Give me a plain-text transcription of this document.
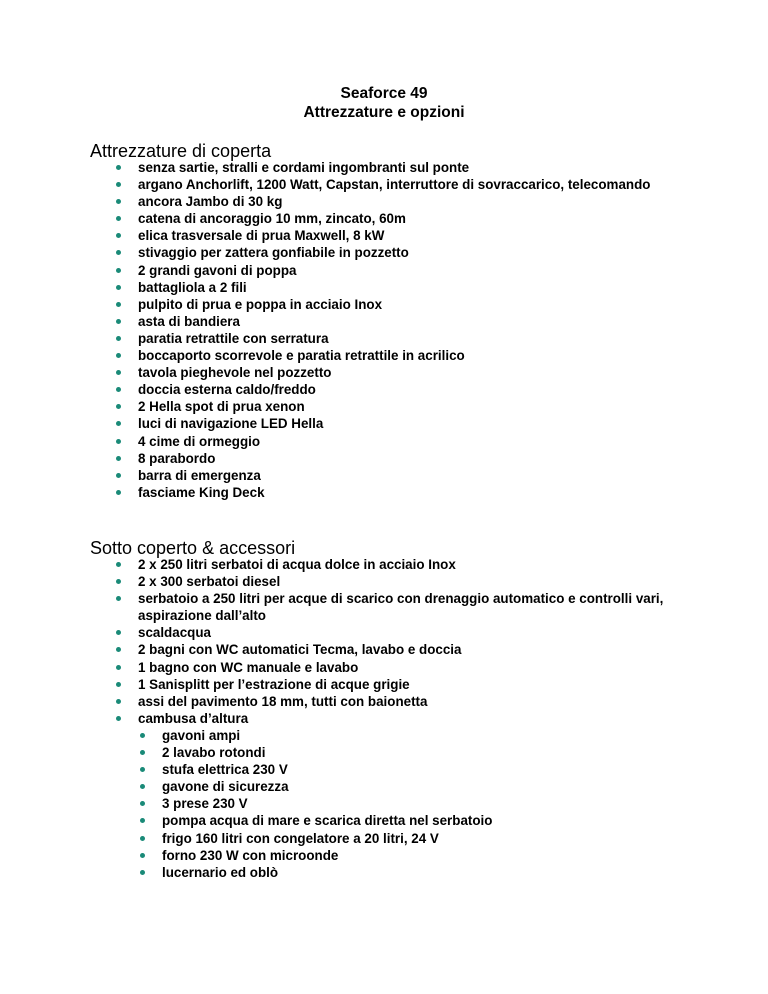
Seaforce 49
Attrezzature e opzioni
Attrezzature di coperta
senza sartie, stralli e cordami ingombranti sul ponte
argano Anchorlift, 1200 Watt, Capstan, interruttore di sovraccarico, telecomando
ancora Jambo di 30 kg
catena di ancoraggio 10 mm, zincato, 60m
elica trasversale di prua Maxwell, 8 kW
stivaggio per zattera gonfiabile in pozzetto
2 grandi gavoni di poppa
battagliola a 2 fili
pulpito di prua e poppa in acciaio Inox
asta di bandiera
paratia retrattile con serratura
boccaporto scorrevole e paratia retrattile in acrilico
tavola pieghevole nel pozzetto
doccia esterna caldo/freddo
2 Hella spot di prua xenon
luci di navigazione LED Hella
4 cime di ormeggio
8 parabordo
barra di emergenza
fasciame King Deck
Sotto coperto & accessori
2 x 250 litri serbatoi di acqua dolce in acciaio Inox
2 x 300 serbatoi diesel
serbatoio a 250 litri per acque di scarico con drenaggio automatico e controlli vari, aspirazione dall’alto
scaldacqua
2 bagni con WC automatici Tecma, lavabo e doccia
1 bagno con WC manuale e lavabo
1 Sanisplitt per l’estrazione di acque grigie
assi del pavimento 18 mm, tutti con baionetta
cambusa d’altura
gavoni ampi
2 lavabo rotondi
stufa elettrica 230 V
gavone di sicurezza
3 prese 230 V
pompa acqua di mare e scarica diretta nel serbatoio
frigo 160 litri con congelatore a 20 litri, 24 V
forno 230 W con microonde
lucernario ed oblò
